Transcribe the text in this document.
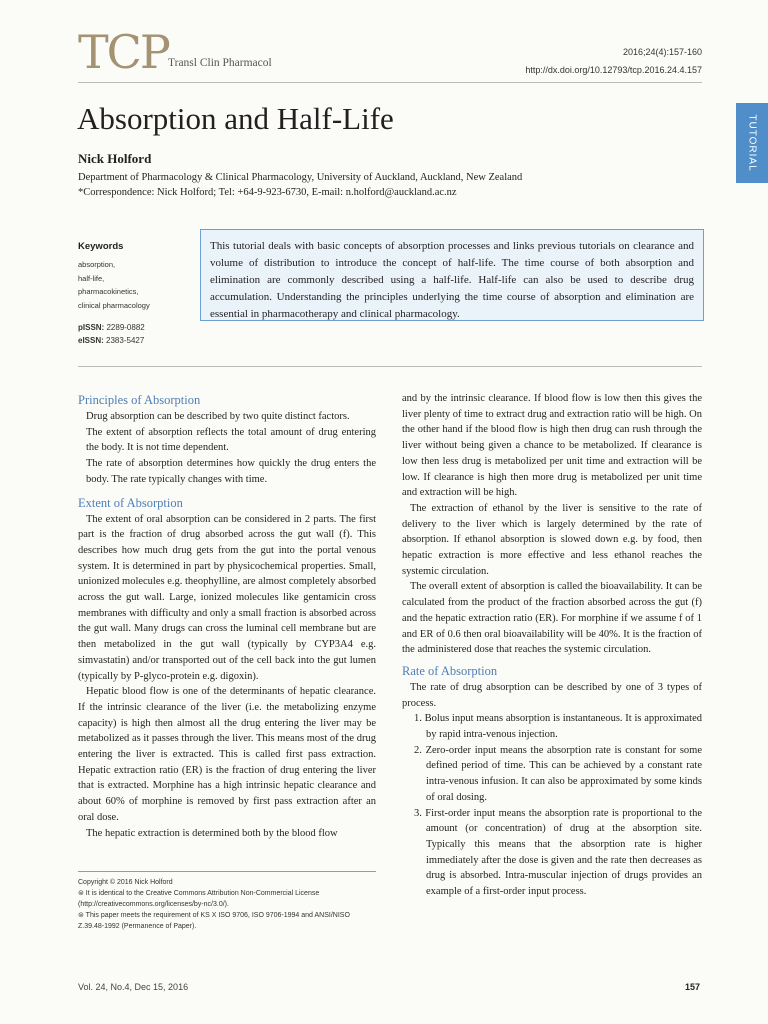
TCP Transl Clin Pharmacol
2016;24(4):157-160
http://dx.doi.org/10.12793/tcp.2016.24.4.157
TUTORIAL
Absorption and Half-Life
Nick Holford
Department of Pharmacology & Clinical Pharmacology, University of Auckland, Auckland, New Zealand
*Correspondence: Nick Holford; Tel: +64-9-923-6730, E-mail: n.holford@auckland.ac.nz
Keywords
absorption,
half-life,
pharmacokinetics,
clinical pharmacology
pISSN: 2289-0882
eISSN: 2383-5427
This tutorial deals with basic concepts of absorption processes and links previous tutorials on clearance and volume of distribution to introduce the concept of half-life. The time course of both absorption and elimination are commonly described using a half-life. Half-life can also be used to describe drug accumulation. Understanding the principles underlying the time course of absorption and elimination are essential in pharmacotherapy and clinical pharmacology.
Principles of Absorption

Drug absorption can be described by two quite distinct factors.

The extent of absorption reflects the total amount of drug entering the body. It is not time dependent.

The rate of absorption determines how quickly the drug enters the body. The rate typically changes with time.

Extent of Absorption

The extent of oral absorption can be considered in 2 parts. The first part is the fraction of drug absorbed across the gut wall (f). This describes how much drug gets from the gut into the portal venous system. It is determined in part by physicochemical properties. Small, unionized molecules e.g. theophylline, are almost completely absorbed across the gut wall. Large, ionized molecules like gentamicin cross membranes with difficulty and only a small fraction is absorbed across the gut wall. Many drugs can cross the luminal cell membrane but are then metabolized in the gut wall (typically by CYP3A4 e.g. simvastatin) and/or transported out of the cell back into the gut lumen (typically by P-glyco-protein e.g. digoxin).

Hepatic blood flow is one of the determinants of hepatic clearance. If the intrinsic clearance of the liver (i.e. the metabolizing enzyme capacity) is high then almost all the drug entering the liver may be metabolized as it passes through the liver. This means most of the drug entering the liver is extracted. This is called first pass extraction. Hepatic extraction ratio (ER) is the fraction of drug entering the liver that is extracted. Morphine has a high intrinsic hepatic clearance and about 60% of morphine is removed by first pass extraction after an oral dose.

The hepatic extraction is determined both by the blood flow

and by the intrinsic clearance. If blood flow is low then this gives the liver plenty of time to extract drug and extraction ratio will be high. On the other hand if the blood flow is high then drug can rush through the liver without being given a chance to be metabolized. If clearance is low then less drug is metabolized per unit time and extraction will be low. If clearance is high then more drug is metabolized per unit time and extraction will be high.

The extraction of ethanol by the liver is sensitive to the rate of delivery to the liver which is largely determined by the rate of absorption. If ethanol absorption is slowed down e.g. by food, then hepatic extraction is more effective and less ethanol reaches the systemic circulation.

The overall extent of absorption is called the bioavailability. It can be calculated from the product of the fraction absorbed across the gut (f) and the hepatic extraction ratio (ER). For morphine if we assume f of 1 and ER of 0.6 then oral bioavailability will be 40%. It is the fraction of the administered dose that reaches the systemic circulation.

Rate of Absorption

The rate of drug absorption can be described by one of 3 types of process.

1. Bolus input means absorption is instantaneous. It is approximated by rapid intra-venous injection.
2. Zero-order input means the absorption rate is constant for some defined period of time. This can be achieved by a constant rate intra-venous infusion. It can also be approximated by some kinds of oral dosing.
3. First-order input means the absorption rate is proportional to the amount (or concentration) of drug at the absorption site. Typically this means that the absorption rate is higher immediately after the dose is given and the rate then decreases as drug is absorbed. Intra-muscular injection of drugs provides an example of a first-order input process.
Copyright © 2016 Nick Holford
⊜ It is identical to the Creative Commons Attribution Non-Commercial License (http://creativecommons.org/licenses/by-nc/3.0/).
⊜ This paper meets the requirement of KS X ISO 9706, ISO 9706-1994 and ANSI/NISO Z.39.48-1992 (Permanence of Paper).
Vol. 24, No.4, Dec 15, 2016	157
